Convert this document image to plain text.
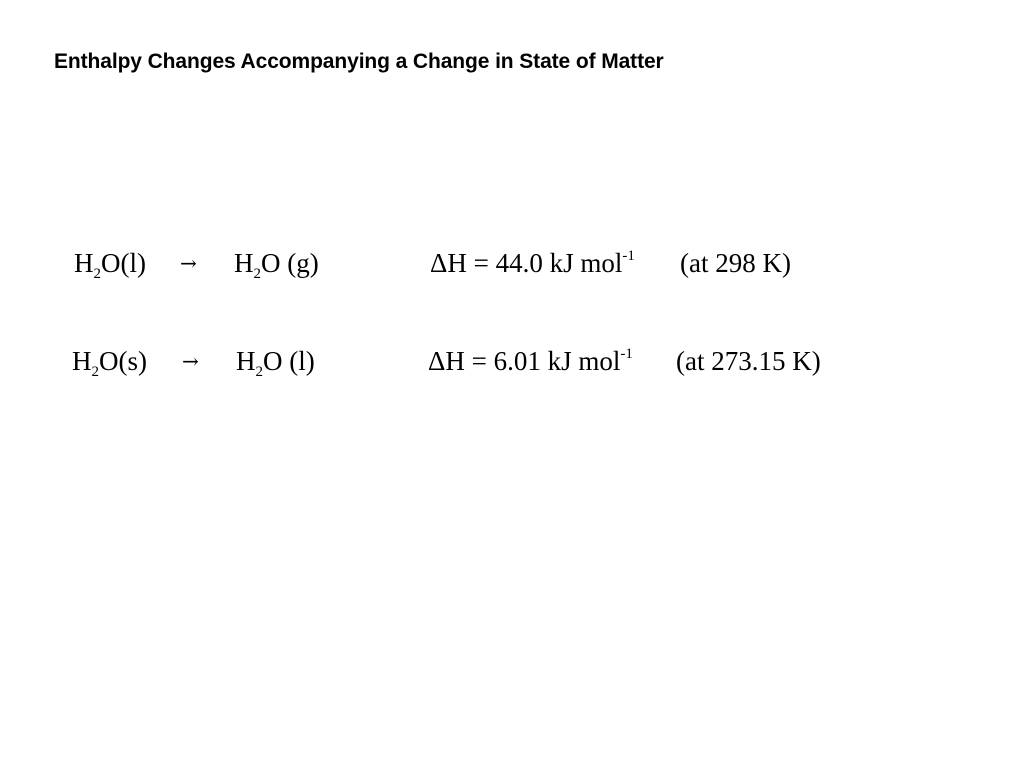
Enthalpy Changes Accompanying a Change in State of Matter
$H_2O(l) \to H_2O$ (g)	ΔH = 44.0 kJ mol$^{-1}$ (at 298 K)
$H_2O(s) \to H_2O$ (l)	ΔH = 6.01 kJ mol$^{-1}$ (at 273.15 K)
